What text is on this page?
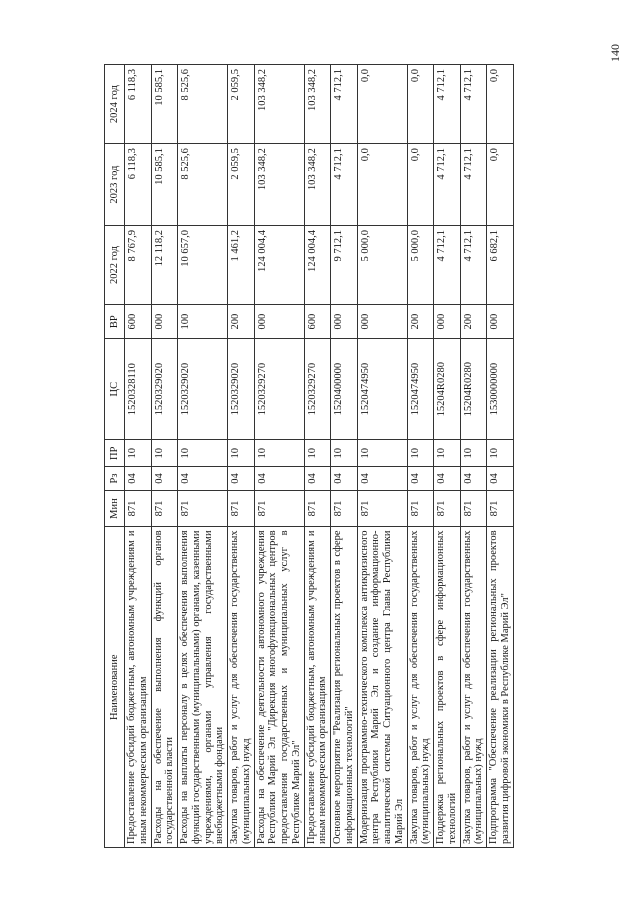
140
Наименование	Мин	Рз	ПР	ЦС	ВР	2022 год	2023 год	2024 год
Предоставление субсидий бюджетным, автономным учреждениям и иным некоммерческим организациям	871	04	10	1520328110	600	8 767,9	6 118,3	6 118,3
Расходы на обеспечение выполнения функций органов государственной власти	871	04	10	1520329020	000	12 118,2	10 585,1	10 585,1
Расходы на выплаты персоналу в целях обеспечения выполнения функций государственными (муниципальными) органами, казенными учреждениями, органами управления государственными внебюджетными фондами	871	04	10	1520329020	100	10 657,0	8 525,6	8 525,6
Закупка товаров, работ и услуг для обеспечения государственных (муниципальных) нужд	871	04	10	1520329020	200	1 461,2	2 059,5	2 059,5
Расходы на обеспечение деятельности автономного учреждения Республики Марий Эл "Дирекция многофункциональных центров предоставления государственных и муниципальных услуг в Республике Марий Эл"	871	04	10	1520329270	000	124 004,4	103 348,2	103 348,2
Предоставление субсидий бюджетным, автономным учреждениям и иным некоммерческим организациям	871	04	10	1520329270	600	124 004,4	103 348,2	103 348,2
Основное мероприятие "Реализация региональных проектов в сфере информационных технологий"	871	04	10	1520400000	000	9 712,1	4 712,1	4 712,1
Модернизация программно-технического комплекса антикризисного центра Республики Марий Эл и создание информационно-аналитической системы Ситуационного центра Главы Республики Марий Эл	871	04	10	1520474950	000	5 000,0	0,0	0,0
Закупка товаров, работ и услуг для обеспечения государственных (муниципальных) нужд	871	04	10	1520474950	200	5 000,0	0,0	0,0
Поддержка региональных проектов в сфере информационных технологий	871	04	10	15204R0280	000	4 712,1	4 712,1	4 712,1
Закупка товаров, работ и услуг для обеспечения государственных (муниципальных) нужд	871	04	10	15204R0280	200	4 712,1	4 712,1	4 712,1
Подпрограмма "Обеспечение реализации региональных проектов развития цифровой экономики в Республике Марий Эл"	871	04	10	1530000000	000	6 682,1	0,0	0,0
